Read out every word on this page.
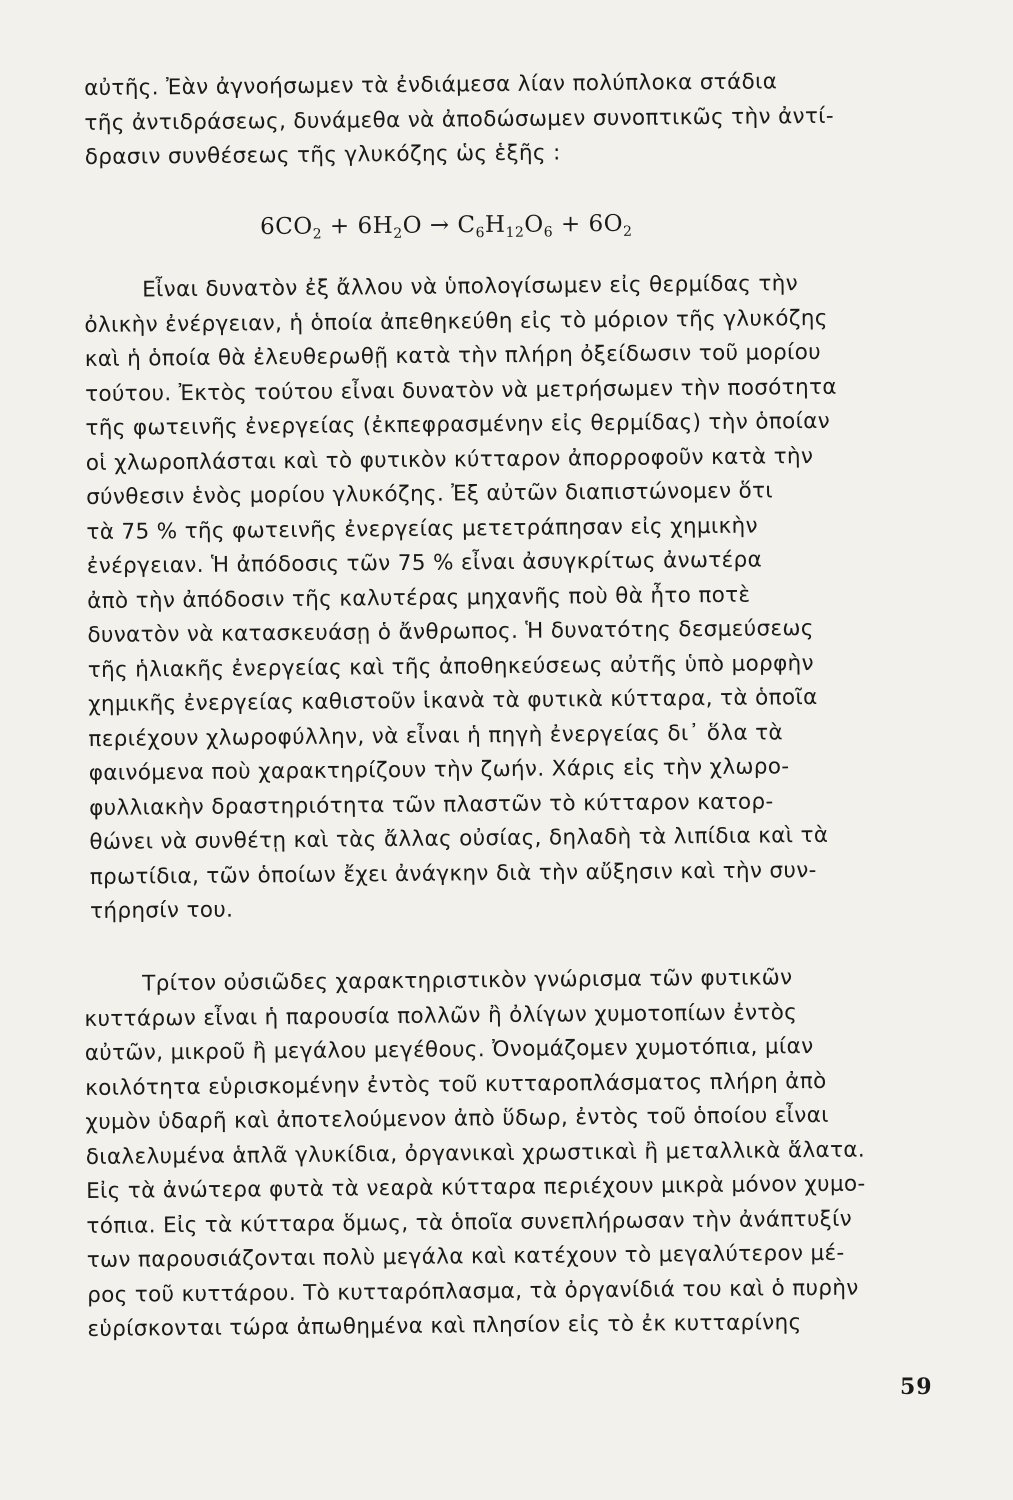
αὐτῆς. Ἐὰν ἀγνοήσωμεν τὰ ἐνδιάμεσα λίαν πολύπλοκα στάδια
τῆς ἀντιδράσεως, δυνάμεθα νὰ ἀποδώσωμεν συνοπτικῶς τὴν ἀντί-
δρασιν συνθέσεως τῆς γλυκόζης ὡς ἑξῆς :
$6CO_2 + 6H_2O \to C_6H_{12}O_6 + 6O_2$
Εἶναι δυνατὸν ἐξ ἄλλου νὰ ὑπολογίσωμεν εἰς θερμίδας τὴν
ὀλικὴν ἐνέργειαν, ἡ ὁποία ἀπεθηκεύθη εἰς τὸ μόριον τῆς γλυκόζης
καὶ ἡ ὁποία θὰ ἐλευθερωθῇ κατὰ τὴν πλήρη ὀξείδωσιν τοῦ μορίου
τούτου. Ἐκτὸς τούτου εἶναι δυνατὸν νὰ μετρήσωμεν τὴν ποσότητα
τῆς φωτεινῆς ἐνεργείας (ἐκπεφρασμένην εἰς θερμίδας) τὴν ὁποίαν
οἱ χλωροπλάσται καὶ τὸ φυτικὸν κύτταρον ἀπορροφοῦν κατὰ τὴν
σύνθεσιν ἑνὸς μορίου γλυκόζης. Ἐξ αὐτῶν διαπιστώνομεν ὅτι
τὰ 75 % τῆς φωτεινῆς ἐνεργείας μετετράπησαν εἰς χημικὴν
ἐνέργειαν. Ἡ ἀπόδοσις τῶν 75 % εἶναι ἀσυγκρίτως ἀνωτέρα
ἀπὸ τὴν ἀπόδοσιν τῆς καλυτέρας μηχανῆς ποὺ θὰ ἦτο ποτὲ
δυνατὸν νὰ κατασκευάσῃ ὁ ἄνθρωπος. Ἡ δυνατότης δεσμεύσεως
τῆς ἡλιακῆς ἐνεργείας καὶ τῆς ἀποθηκεύσεως αὐτῆς ὑπὸ μορφὴν
χημικῆς ἐνεργείας καθιστοῦν ἱκανὰ τὰ φυτικὰ κύτταρα, τὰ ὁποῖα
περιέχουν χλωροφύλλην, νὰ εἶναι ἡ πηγὴ ἐνεργείας δι᾽ ὅλα τὰ
φαινόμενα ποὺ χαρακτηρίζουν τὴν ζωήν. Χάρις εἰς τὴν χλωρο-
φυλλιακὴν δραστηριότητα τῶν πλαστῶν τὸ κύτταρον κατορ-
θώνει νὰ συνθέτῃ καὶ τὰς ἄλλας οὐσίας, δηλαδὴ τὰ λιπίδια καὶ τὰ
πρωτίδια, τῶν ὁποίων ἔχει ἀνάγκην διὰ τὴν αὔξησιν καὶ τὴν συν-
τήρησίν του.
Τρίτον οὐσιῶδες χαρακτηριστικὸν γνώρισμα τῶν φυτικῶν
κυττάρων εἶναι ἡ παρουσία πολλῶν ἢ ὀλίγων χυμοτοπίων ἐντὸς
αὐτῶν, μικροῦ ἢ μεγάλου μεγέθους. Ὀνομάζομεν χυμοτόπια, μίαν
κοιλότητα εὑρισκομένην ἐντὸς τοῦ κυτταροπλάσματος πλήρη ἀπὸ
χυμὸν ὑδαρῆ καὶ ἀποτελούμενον ἀπὸ ὕδωρ, ἐντὸς τοῦ ὁποίου εἶναι
διαλελυμένα ἁπλᾶ γλυκίδια, ὀργανικαὶ χρωστικαὶ ἢ μεταλλικὰ ἅλατα.
Εἰς τὰ ἀνώτερα φυτὰ τὰ νεαρὰ κύτταρα περιέχουν μικρὰ μόνον χυμο-
τόπια. Εἰς τὰ κύτταρα ὅμως, τὰ ὁποῖα συνεπλήρωσαν τὴν ἀνάπτυξίν
των παρουσιάζονται πολὺ μεγάλα καὶ κατέχουν τὸ μεγαλύτερον μέ-
ρος τοῦ κυττάρου. Τὸ κυτταρόπλασμα, τὰ ὀργανίδιά του καὶ ὁ πυρὴν
εὑρίσκονται τώρα ἀπωθημένα καὶ πλησίον εἰς τὸ ἐκ κυτταρίνης
59
